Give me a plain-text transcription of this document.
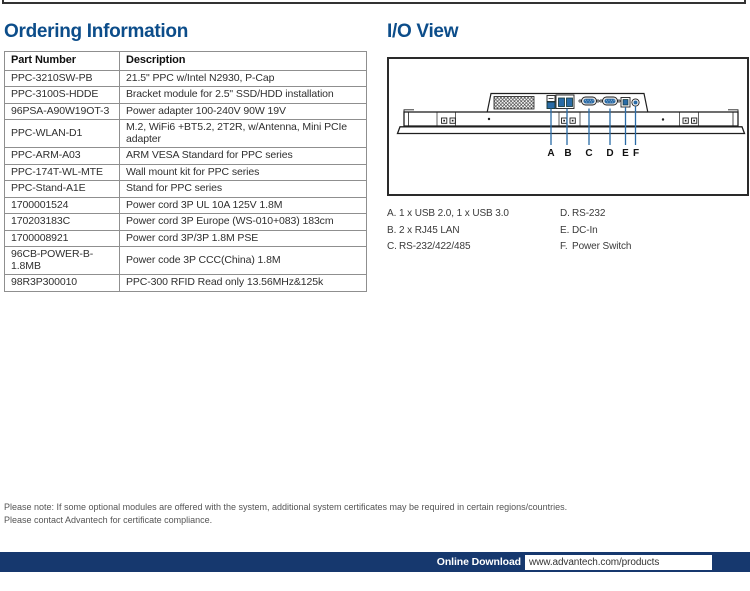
Ordering Information
Part Number	Description
PPC-3210SW-PB	21.5" PPC w/Intel N2930, P-Cap
PPC-3100S-HDDE	Bracket module for 2.5" SSD/HDD installation
96PSA-A90W19OT-3	Power adapter 100-240V 90W 19V
PPC-WLAN-D1	M.2, WiFi6 +BT5.2, 2T2R, w/Antenna, Mini PCIe adapter
PPC-ARM-A03	ARM VESA Standard for PPC series
PPC-174T-WL-MTE	Wall mount kit for PPC series
PPC-Stand-A1E	Stand for PPC series
1700001524	Power cord 3P UL 10A 125V 1.8M
170203183C	Power cord 3P Europe (WS-010+083) 183cm
1700008921	Power cord 3P/3P 1.8M PSE
96CB-POWER-B-1.8MB	Power code 3P CCC(China) 1.8M
98R3P300010	PPC-300 RFID Read only 13.56MHz&125k
I/O View
A B C D E F
A. 1 x USB 2.0, 1 x USB 3.0	D. RS-232
B. 2 x RJ45 LAN	E. DC-In
C. RS-232/422/485	F. Power Switch
Please note: If some optional modules are offered with the system, additional system certificates may be required in certain regions/countries.
Please contact Advantech for certificate compliance.
Online Download www.advantech.com/products
